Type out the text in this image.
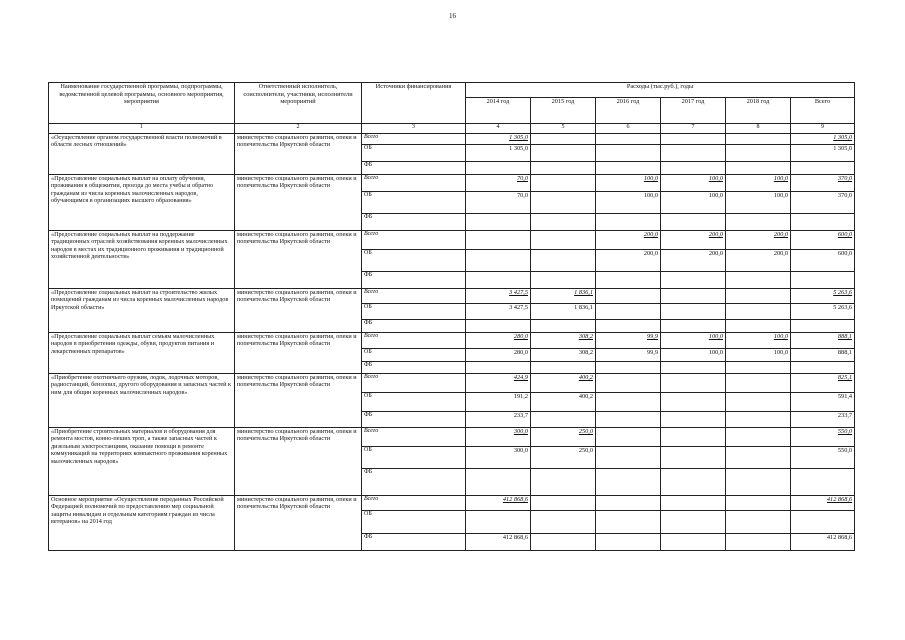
16
Наименование государственной программы, подпрограммы, ведомственной целевой программы, основного мероприятия, мероприятия	Ответственный исполнитель, соисполнители, участники, исполнители мероприятий	Источники финансирования	Расходы (тыс.руб.), годы					
			2014 год	2015 год	2016 год	2017 год	2018 год	Всего
1	2	3	4	5	6	7	8	9
«Осуществление органом государственной власти полномочий в области лесных отношений»	министерство социального развития, опеки и попечительства Иркутской области	Всего	1 305,0					1 305,0
		ОБ	1 305,0					1 305,0
		ФБ						
«Предоставление социальных выплат на оплату обучения, проживания в общежитии, проезда до места учебы и обратно гражданам из числа коренных малочисленных народов, обучающимся в организациях высшего образования»	министерство социального развития, опеки и попечительства Иркутской области	Всего	70,0		100,0	100,0	100,0	370,0
		ОБ	70,0		100,0	100,0	100,0	370,0
		ФБ						
«Предоставление социальных выплат на поддержание традиционных отраслей хозяйствования коренных малочисленных народов в местах их традиционного проживания и традиционной хозяйственной деятельности»	министерство социального развития, опеки и попечительства Иркутской области	Всего			200,0	200,0	200,0	600,0
		ОБ			200,0	200,0	200,0	600,0
		ФБ						
«Предоставление социальных выплат на строительство жилых помещений гражданам из числа коренных малочисленных народов Иркутской области»	министерство социального развития, опеки и попечительства Иркутской области	Всего	3 427,5	1 836,1				5 263,6
		ОБ	3 427,5	1 836,1				5 263,6
		ФБ						
«Предоставление социальных выплат семьям малочисленных народов в приобретении одежды, обуви, продуктов питания и лекарственных препаратов»	министерство социального развития, опеки и попечительства Иркутской области	Всего	280,0	308,2	99,9	100,0	100,0	888,1
		ОБ	280,0	308,2	99,9	100,0	100,0	888,1
		ФБ						
«Приобретение охотничьего оружия, лодок, лодочных моторов, радиостанций, бензопил, другого оборудования и запасных частей к ним для общин коренных малочисленных народов»	министерство социального развития, опеки и попечительства Иркутской области	Всего	424,9	400,2				825,1
		ОБ	191,2	400,2				591,4
		ФБ	233,7					233,7
«Приобретение строительных материалов и оборудования для ремонта мостов, конно-пеших троп, а также запасных частей к дизельным электростанциям, оказание помощи в ремонте коммуникаций на территориях компактного проживания коренных малочисленных народов»	министерство социального развития, опеки и попечительства Иркутской области	Всего	300,0	250,0				550,0
		ОБ	300,0	250,0				550,0
		ФБ						
Основное мероприятие «Осуществление переданных Российской Федерацией полномочий по предоставлению мер социальной защиты инвалидам и отдельным категориям граждан из числа ветеранов» на 2014 год	министерство социального развития, опеки и попечительства Иркутской области	Всего	412 868,6					412 868,6
		ОБ						
		ФБ	412 868,6					412 868,6
